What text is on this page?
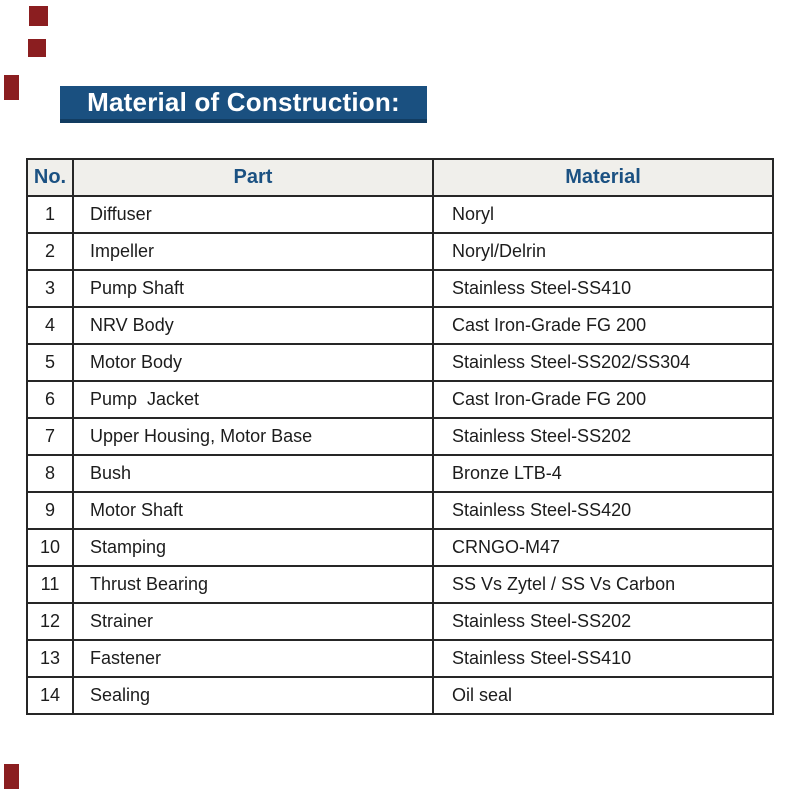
Material of Construction:
No.	Part	Material
1	Diffuser	Noryl
2	Impeller	Noryl/Delrin
3	Pump Shaft	Stainless Steel-SS410
4	NRV Body	Cast Iron-Grade FG 200
5	Motor Body	Stainless Steel-SS202/SS304
6	Pump  Jacket	Cast Iron-Grade FG 200
7	Upper Housing, Motor Base	Stainless Steel-SS202
8	Bush	Bronze LTB-4
9	Motor Shaft	Stainless Steel-SS420
10	Stamping	CRNGO-M47
11	Thrust Bearing	SS Vs Zytel / SS Vs Carbon
12	Strainer	Stainless Steel-SS202
13	Fastener	Stainless Steel-SS410
14	Sealing	Oil seal
